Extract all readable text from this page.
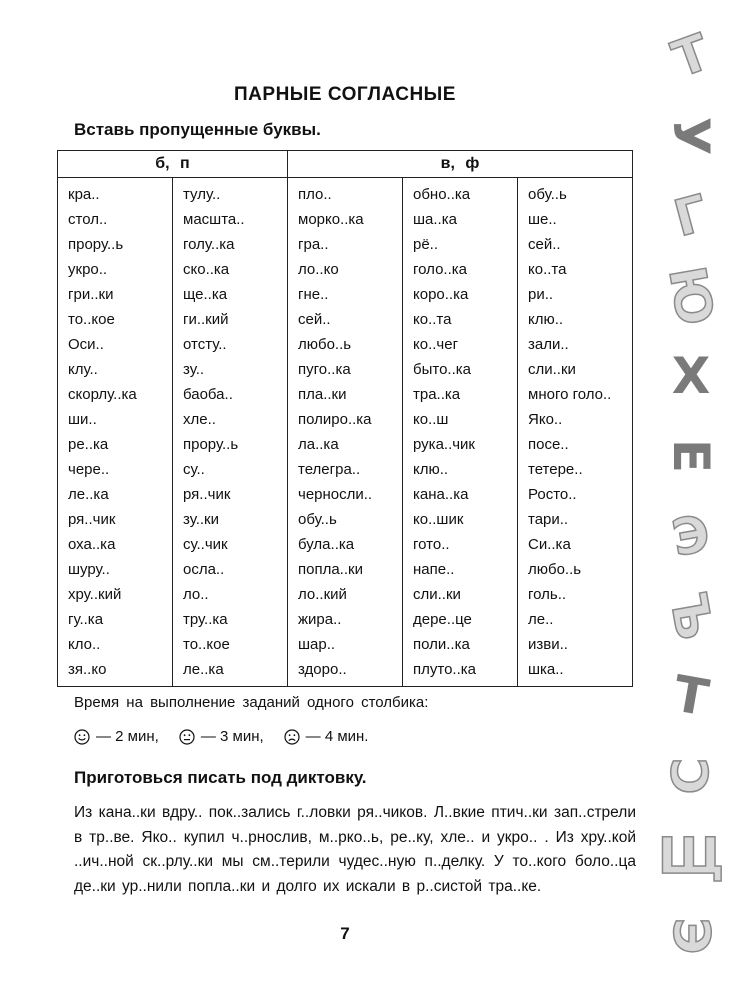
ПАРНЫЕ СОГЛАСНЫЕ
Вставь пропущенные буквы.
б, п		в, ф		
кра..	тулу..	пло..	обно..ка	обу..ь
стол..	масшта..	морко..ка	ша..ка	ше..
прору..ь	голу..ка	гра..	рё..	сей..
укро..	ско..ка	ло..ко	голо..ка	ко..та
гри..ки	ще..ка	гне..	коро..ка	ри..
то..кое	ги..кий	сей..	ко..та	клю..
Оси..	отсту..	любо..ь	ко..чег	зали..
клу..	зу..	пуго..ка	быто..ка	сли..ки
скорлу..ка	баоба..	пла..ки	тра..ка	много голо..
ши..	хле..	полиро..ка	ко..ш	Яко..
ре..ка	прору..ь	ла..ка	рука..чик	посе..
чере..	су..	телегра..	клю..	тетере..
ле..ка	ря..чик	черносли..	кана..ка	Росто..
ря..чик	зу..ки	обу..ь	ко..шик	тари..
оха..ка	су..чик	була..ка	гото..	Си..ка
шуру..	осла..	попла..ки	напе..	любо..ь
хру..кий	ло..	ло..кий	сли..ки	голь..
гу..ка	тру..ка	жира..	дере..це	ле..
кло..	то..кое	шар..	поли..ка	изви..
зя..ко	ле..ка	здоро..	плуто..ка	шка..
Время на выполнение заданий одного столбика:
— 2 мин,	— 3 мин,	— 4 мин.
Приготовься писать под диктовку.
Из кана..ки вдру.. пок..зались г..ловки ря..чиков. Л..вкие птич..ки зап..стрели в тр..ве. Яко.. купил ч..рнослив, м..рко..ь, ре..ку, хле.. и укро.. . Из хру..кой ..ич..ной ск..рлу..ки мы см..терили чудес..ную п..делку. У то..кого боло..ца де..ки ур..нили попла..ки и долго их искали в р..систой тра..ке.
7
Т
У
Г
Ю
Х
Е
Э
Ъ
Т
С
Щ
Э
